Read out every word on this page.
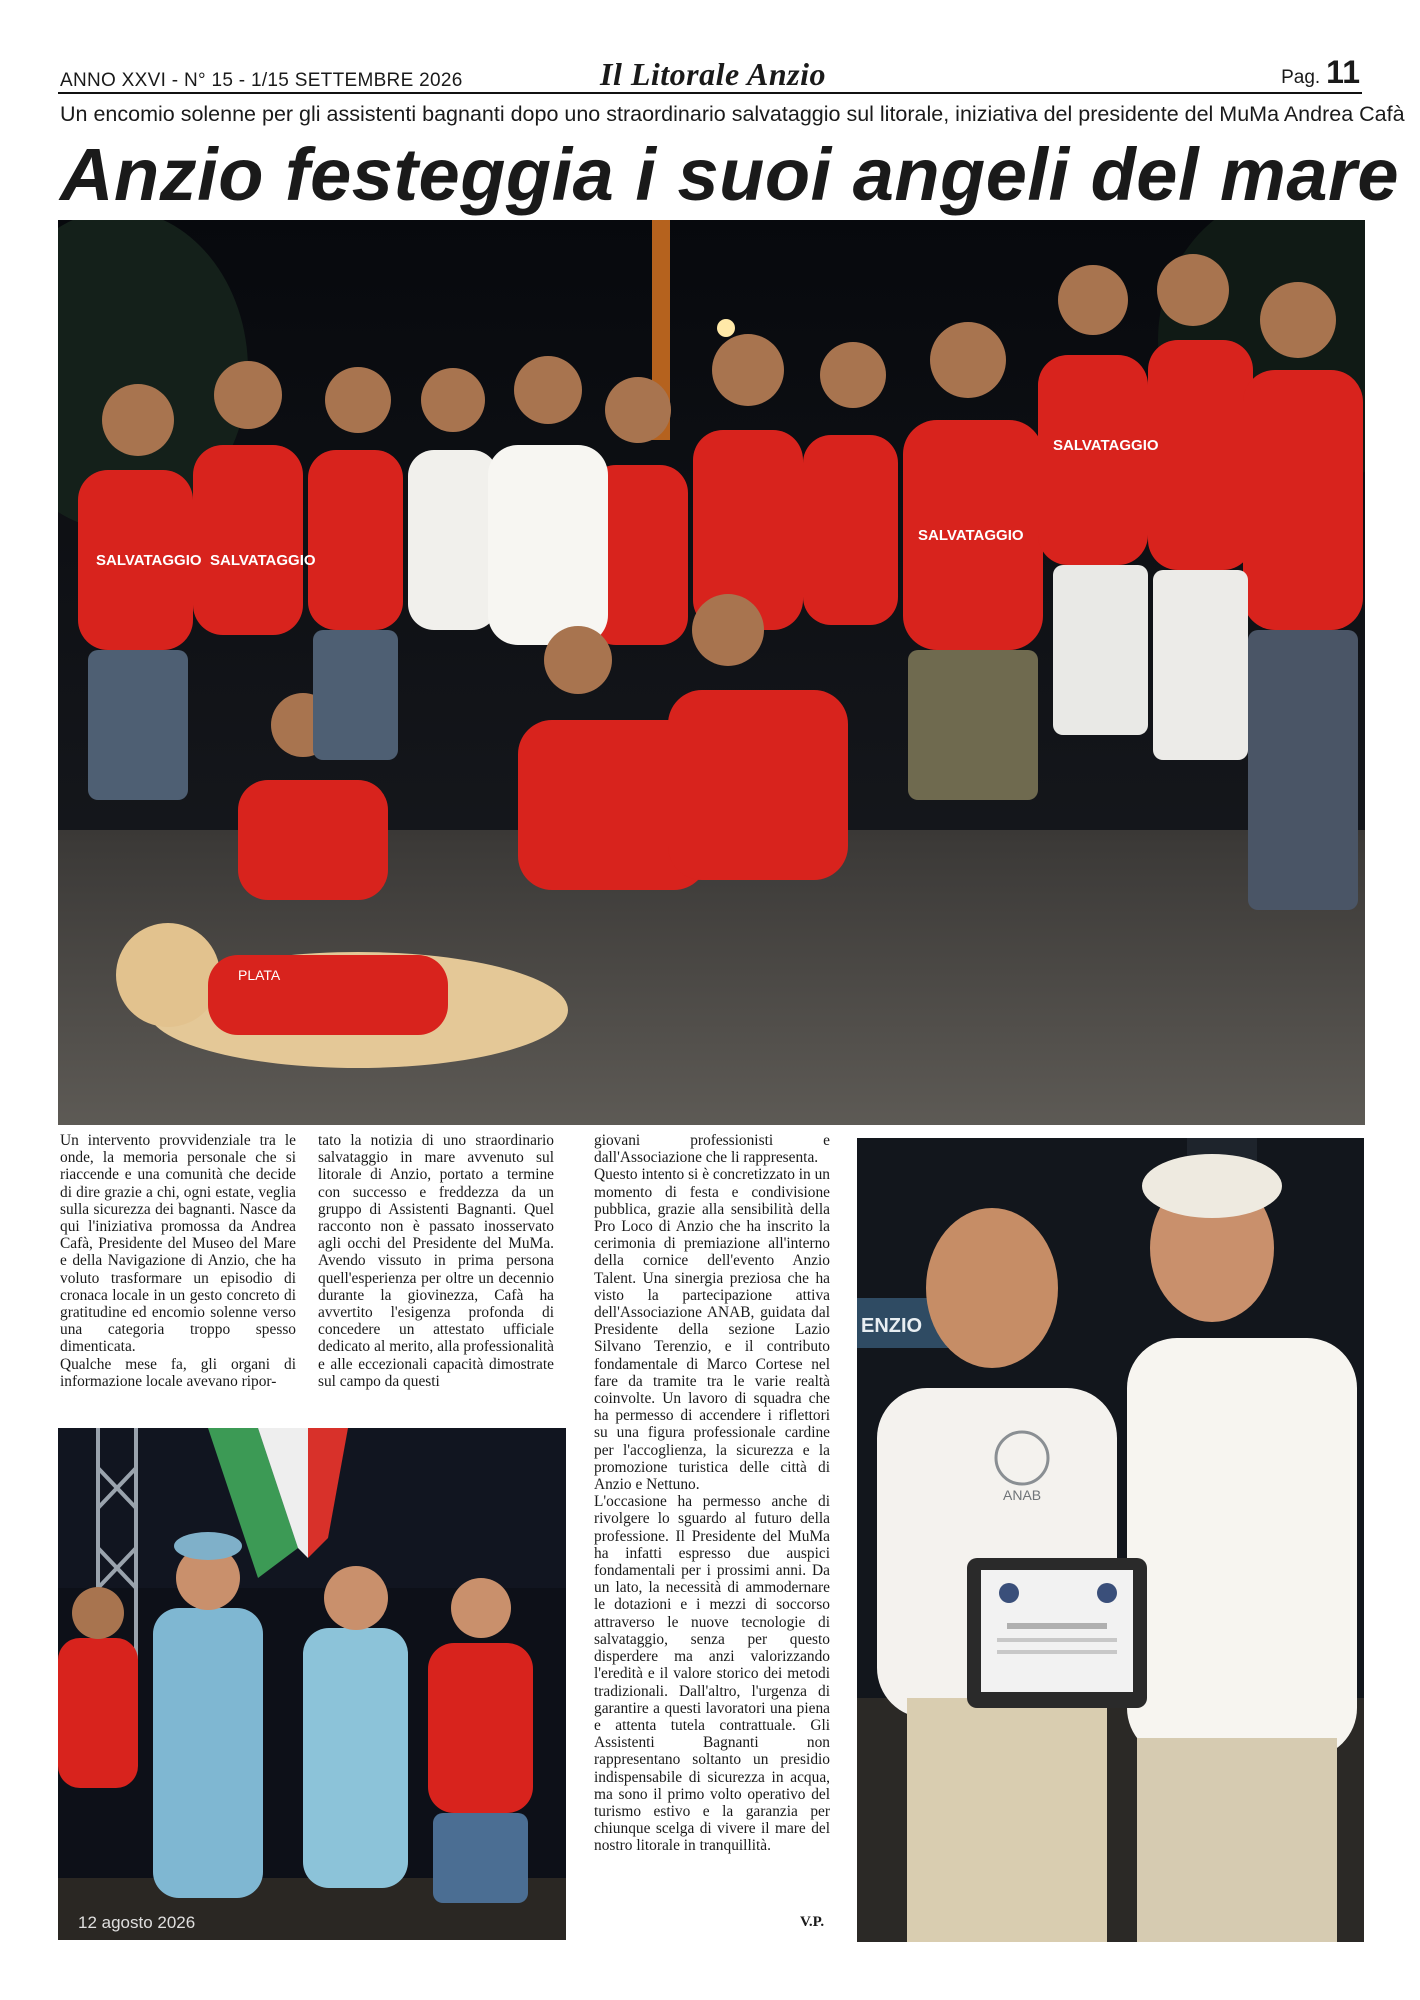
ANNO XXVI - N° 15 - 1/15 SETTEMBRE 2026	Il Litorale Anzio	Pag. 11
Un encomio solenne per gli assistenti bagnanti dopo uno straordinario salvataggio sul litorale, iniziativa del presidente del MuMa Andrea Cafà
Anzio festeggia i suoi angeli del mare
PLATA
SALVATAGGIO SALVATAGGIO
SALVATAGGIO
SALVATAGGIO

Un intervento provvidenziale tra le onde, la memoria personale che si riaccende e una comunità che decide di dire grazie a chi, ogni estate, veglia sulla sicurezza dei bagnanti. Nasce da qui l'iniziativa promossa da Andrea Cafà, Presidente del Museo del Mare e della Navigazione di Anzio, che ha voluto trasformare un episodio di cronaca locale in un gesto concreto di gratitudine ed encomio solenne verso una categoria troppo spesso dimenticata.

Qualche mese fa, gli organi di informazione locale avevano ripor-

tato la notizia di uno straordinario salvataggio in mare avvenuto sul litorale di Anzio, portato a termine con successo e freddezza da un gruppo di Assistenti Bagnanti. Quel racconto non è passato inosservato agli occhi del Presidente del MuMa. Avendo vissuto in prima persona quell'esperienza per oltre un decennio durante la giovinezza, Cafà ha avvertito l'esigenza profonda di concedere un attestato ufficiale dedicato al merito, alla professionalità e alle eccezionali capacità dimostrate sul campo da questi

giovani professionisti e dall'Associazione che li rappresenta.

Questo intento si è concretizzato in un momento di festa e condivisione pubblica, grazie alla sensibilità della Pro Loco di Anzio che ha inscrito la cerimonia di premiazione all'interno della cornice dell'evento Anzio Talent. Una sinergia preziosa che ha visto la partecipazione attiva dell'Associazione ANAB, guidata dal Presidente della sezione Lazio Silvano Terenzio, e il contributo fondamentale di Marco Cortese nel fare da tramite tra le varie realtà coinvolte. Un lavoro di squadra che ha permesso di accendere i riflettori su una figura professionale cardine per l'accoglienza, la sicurezza e la promozione turistica delle città di Anzio e Nettuno.

L'occasione ha permesso anche di rivolgere lo sguardo al futuro della professione. Il Presidente del MuMa ha infatti espresso due auspici fondamentali per i prossimi anni. Da un lato, la necessità di ammodernare le dotazioni e i mezzi di soccorso attraverso le nuove tecnologie di salvataggio, senza per questo disperdere ma anzi valorizzando l'eredità e il valore storico dei metodi tradizionali. Dall'altro, l'urgenza di garantire a questi lavoratori una piena e attenta tutela contrattuale. Gli Assistenti Bagnanti non rappresentano soltanto un presidio indispensabile di sicurezza in acqua, ma sono il primo volto operativo del turismo estivo e la garanzia per chiunque scelga di vivere il mare del nostro litorale in tranquillità.

V.P.
12 agosto 2026
ENZIO
ANAB
